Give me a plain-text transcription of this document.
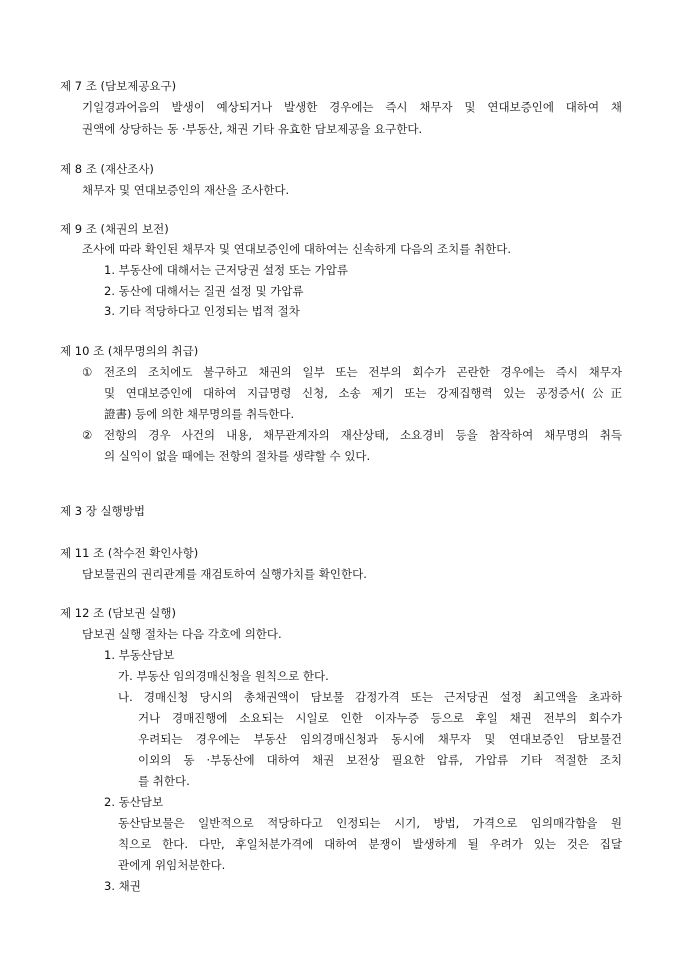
제 7 조 (담보제공요구)
기일경과어음의 발생이 예상되거나 발생한 경우에는 즉시 채무자 및 연대보증인에 대하여 채
권액에 상당하는 동 ·부동산, 채권 기타 유효한 담보제공을 요구한다.
제 8 조 (재산조사)
채무자 및 연대보증인의 재산을 조사한다.
제 9 조 (채권의 보전)
조사에 따라 확인된 채무자 및 연대보증인에 대하여는 신속하게 다음의 조치를 취한다.
1. 부동산에 대해서는 근저당권 설정 또는 가압류
2. 동산에 대해서는 질권 설정 및 가압류
3. 기타 적당하다고 인정되는 법적 절차
제 10 조 (채무명의의 취급)
① 전조의 조치에도 불구하고 채권의 일부 또는 전부의 회수가 곤란한 경우에는 즉시 채무자
및 연대보증인에 대하여 지급명령 신청, 소송 제기 또는 강제집행력 있는 공정증서(公正
證書) 등에 의한 채무명의를 취득한다.
② 전항의 경우 사건의 내용, 채무관계자의 재산상태, 소요경비 등을 참작하여 채무명의 취득
의 실익이 없을 때에는 전항의 절차를 생략할 수 있다.
제 3 장 실행방법
제 11 조 (착수전 확인사항)
담보물권의 권리관계를 재검토하여 실행가치를 확인한다.
제 12 조 (담보권 실행)
담보권 실행 절차는 다음 각호에 의한다.
1. 부동산담보
가. 부동산 임의경매신청을 원칙으로 한다.
나. 경매신청 당시의 총채권액이 담보물 감정가격 또는 근저당권 설정 최고액을 초과하
거나 경매진행에 소요되는 시일로 인한 이자누증 등으로 후일 채권 전부의 회수가
우려되는 경우에는 부동산 임의경매신청과 동시에 채무자 및 연대보증인 담보물건
이외의 동 ·부동산에 대하여 채권 보전상 필요한 압류, 가압류 기타 적절한 조치
를 취한다.
2. 동산담보
동산담보물은 일반적으로 적당하다고 인정되는 시기, 방법, 가격으로 임의매각함을 원
칙으로 한다. 다만, 후일처분가격에 대하여 분쟁이 발생하게 될 우려가 있는 것은 집달
관에게 위임처분한다.
3. 채권
